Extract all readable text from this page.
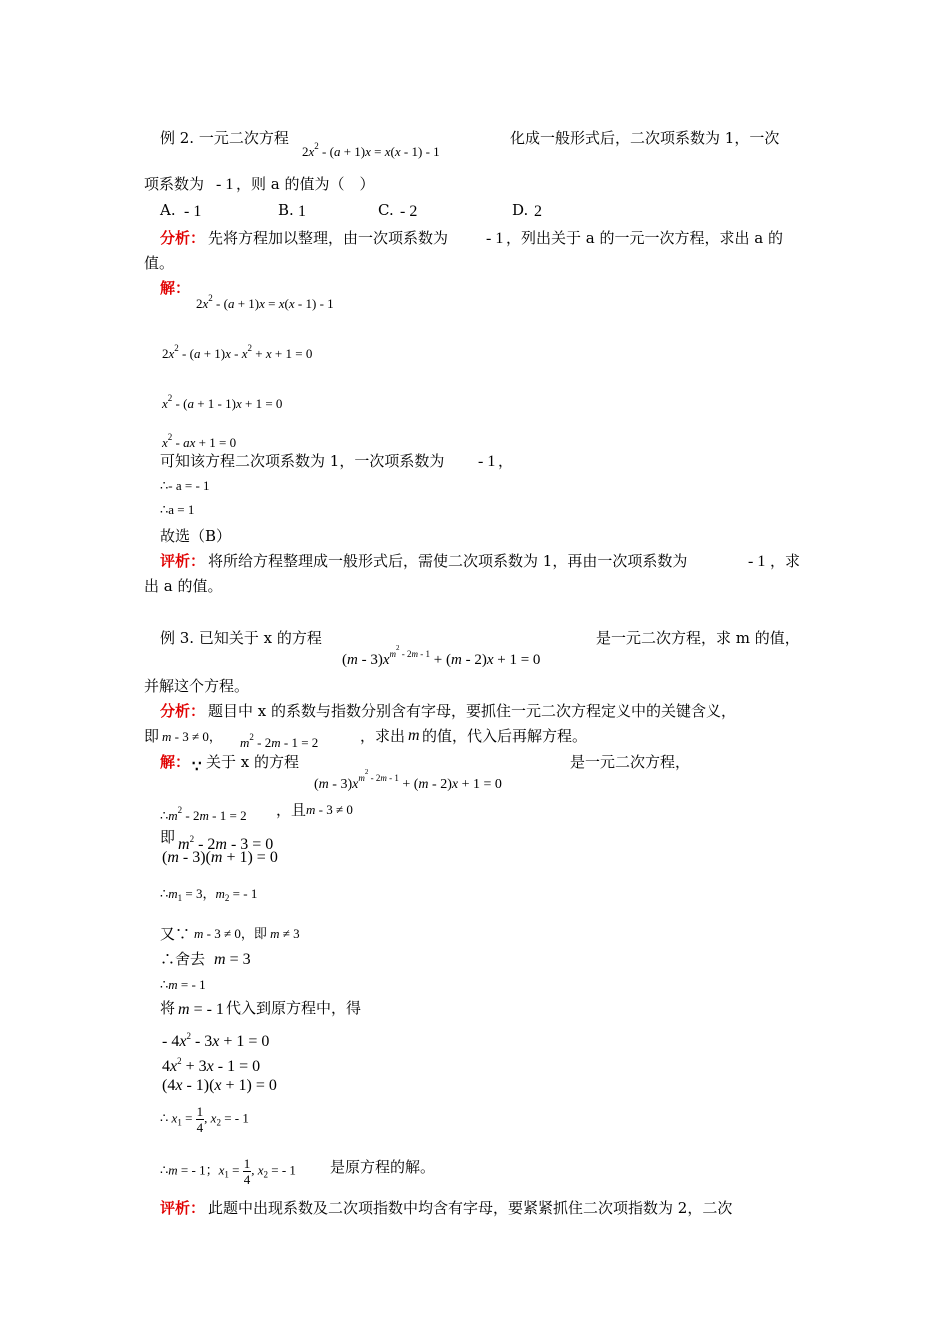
例 2. 一元二次方程
$2x^2 - (a + 1)x = x(x - 1) - 1$
化成一般形式后，二次项系数为 1，一次
项系数为 - 1 ，则 a 的值为（　）
A. - 1	B. 1	C. - 2	D. 2
分析： 先将方程加以整理，由一次项系数为 - 1 ，列出关于 a 的一元一次方程，求出 a 的
值。
解：
$2x^2 - (a + 1)x = x(x - 1) - 1$
$2x^2 - (a + 1)x - x^2 + x + 1 = 0$
$x^2 - (a + 1 - 1)x + 1 = 0$
$x^2$ - ax + 1 = 0
可知该方程二次项系数为 1，一次项系数为 - 1 ，
∴- a = - 1
∴a = 1
故选（B）
评析： 将所给方程整理成一般形式后，需使二次项系数为 1，再由一次项系数为	- 1 ，求
出 a 的值。
例 3. 已知关于 x 的方程
$(m - 3)x^{m^2 - 2m - 1} + (m - 2)x + 1 = 0$
是一元二次方程，求 m 的值，
并解这个方程。
分析： 题目中 x 的系数与指数分别含有字母，要抓住一元二次方程定义中的关键含义，
即 m - 3 ≠ 0， $m^2 - 2m - 1 = 2$	，求出 m 的值，代入后再解方程。
解： ∵ 关于 x 的方程
$(m - 3)x^{m^2 - 2m - 1} + (m - 2)x + 1 = 0$
是一元二次方程，
$\therefore m^2 - 2m - 1 = 2$ ，且 m - 3 ≠ 0
即 $m^2 - 2m - 3 = 0$
(m - 3)(m + 1) = 0
$\therefore m_1 = 3$，$m_2$ = - 1
又∵ m - 3 ≠ 0，即 m ≠ 3
∴舍去 m = 3
∴m = - 1
将 m = - 1 代入到原方程中，得
- $4x^2 - 3x + 1 = 0$
$4x^2 + 3x - 1 = 0$
(4x - 1)(x + 1) = 0
∴ $x_1 = \frac{1}{4}$ , $x_2$ = - 1
∴m = - 1；$x_1 = \frac{1}{4}$ , $x_2$ = - 1 是原方程的解。
评析： 此题中出现系数及二次项指数中均含有字母，要紧紧抓住二次项指数为 2，二次
